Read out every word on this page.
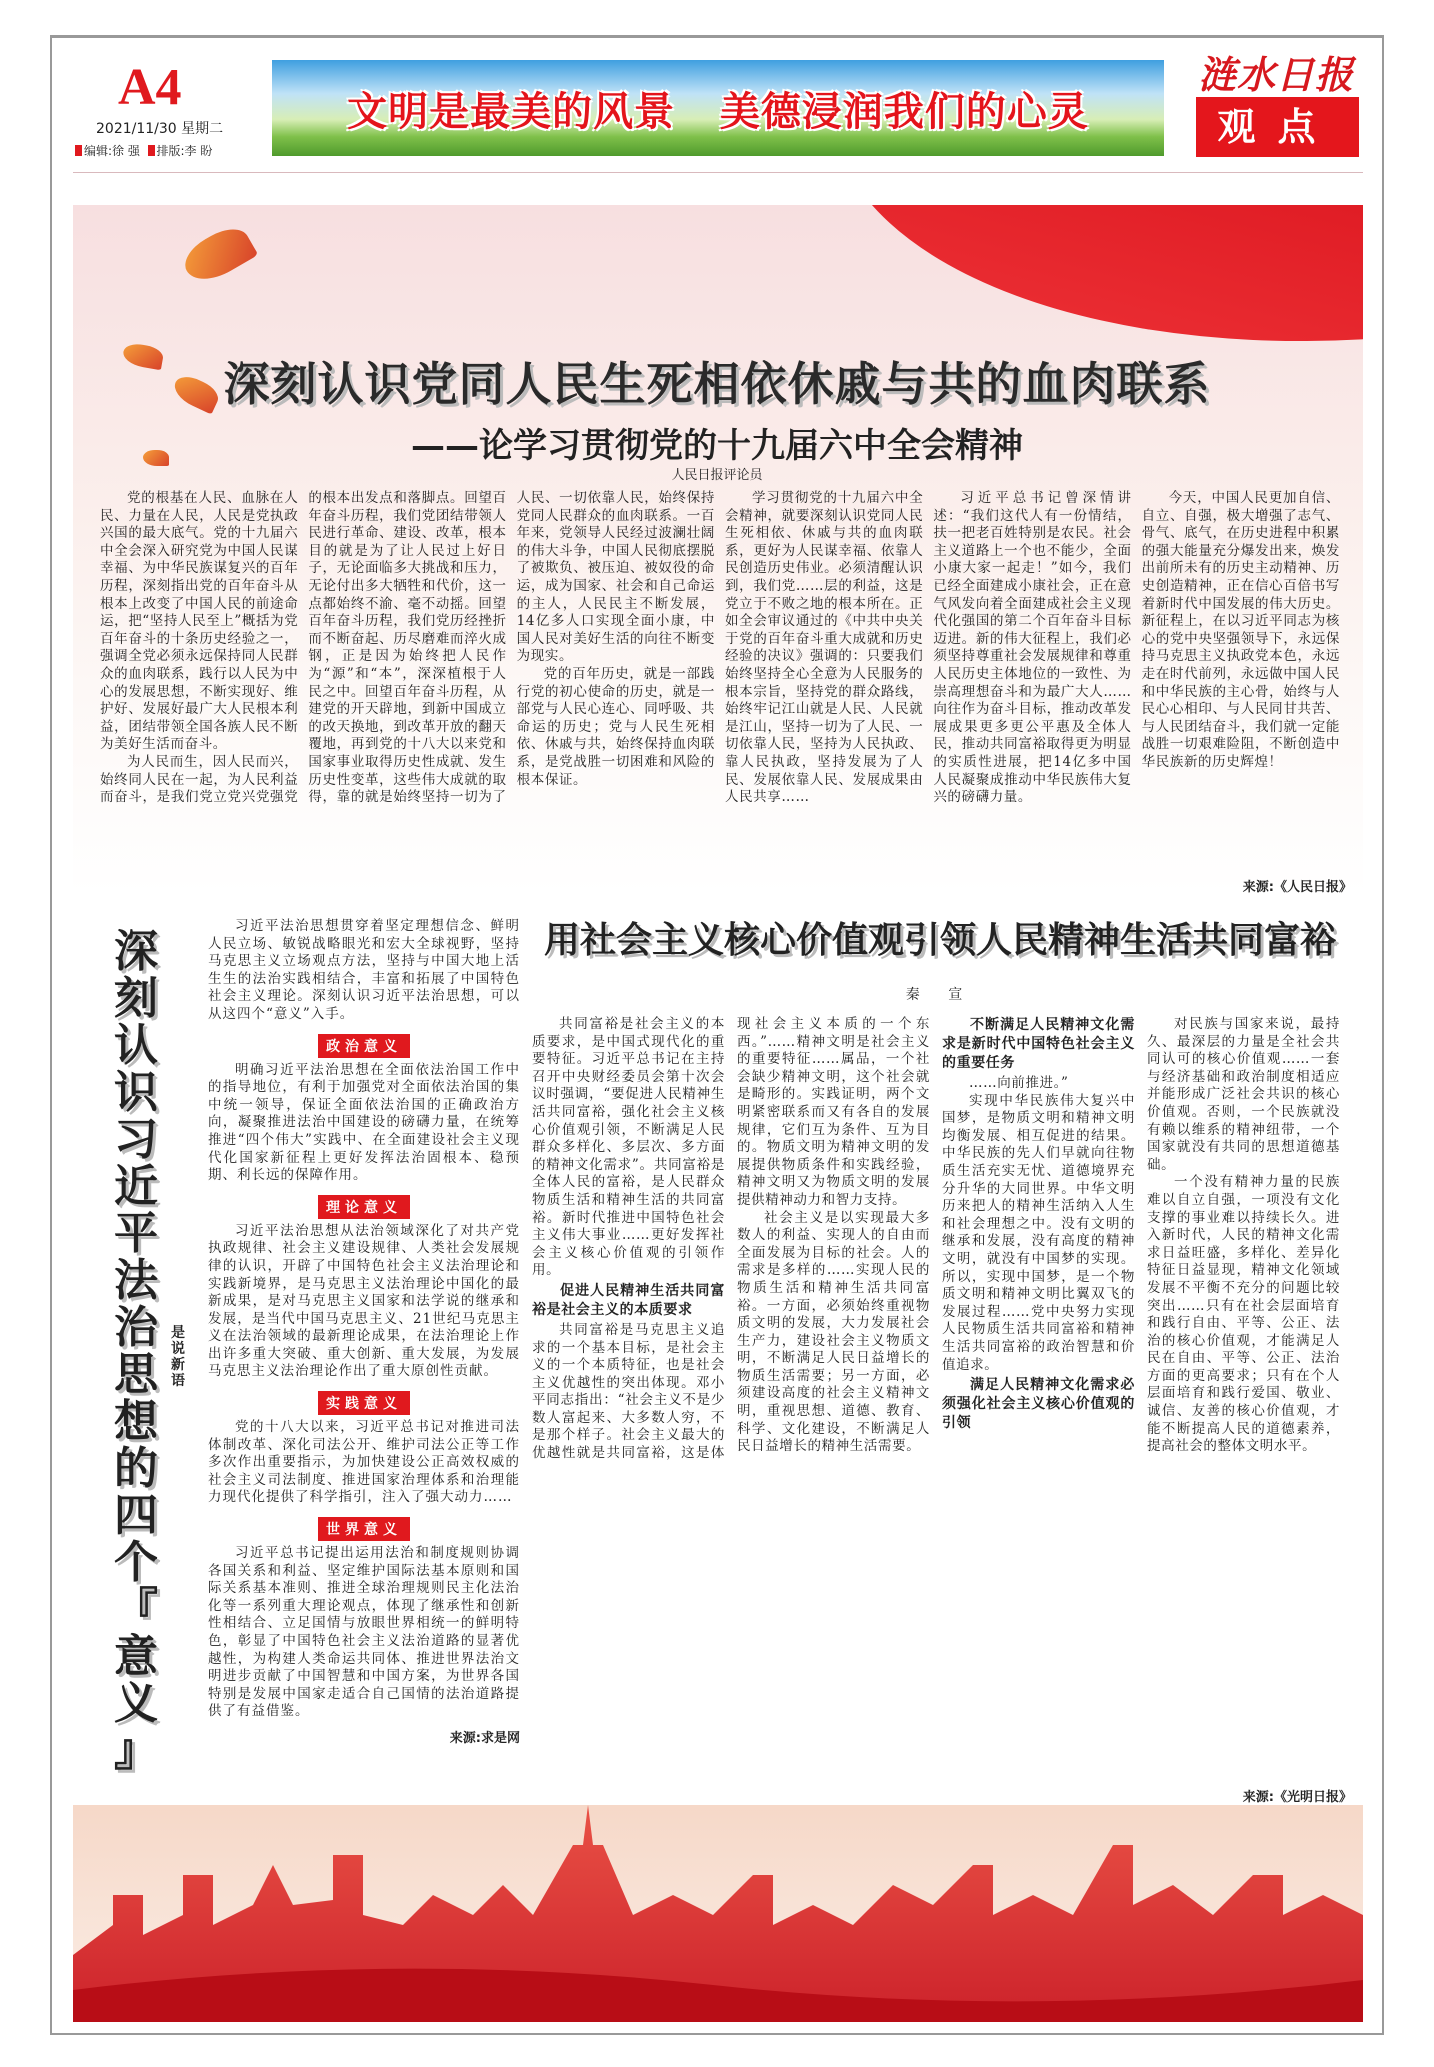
A4
2021/11/30 星期二
编辑:徐 强 排版:李 盼
文明是最美的风景   美德浸润我们的心灵
涟水日报
观点
深刻认识党同人民生死相依休戚与共的血肉联系
——论学习贯彻党的十九届六中全会精神
人民日报评论员

党的根基在人民、血脉在人民、力量在人民，人民是党执政兴国的最大底气。党的十九届六中全会深入研究党为中国人民谋幸福、为中华民族谋复兴的百年历程，深刻指出党的百年奋斗从根本上改变了中国人民的前途命运，把“坚持人民至上”概括为党百年奋斗的十条历史经验之一，强调全党必须永远保持同人民群众的血肉联系，践行以人民为中心的发展思想，不断实现好、维护好、发展好最广大人民根本利益，团结带领全国各族人民不断为美好生活而奋斗。

为人民而生，因人民而兴，始终同人民在一起，为人民利益而奋斗，是我们党立党兴党强党的根本出发点和落脚点。回望百年奋斗历程，我们党团结带领人民进行革命、建设、改革，根本目的就是为了让人民过上好日子，无论面临多大挑战和压力，无论付出多大牺牲和代价，这一点都始终不渝、毫不动摇。回望百年奋斗历程，我们党历经挫折而不断奋起、历尽磨难而淬火成钢，正是因为始终把人民作为“源”和“本”，深深植根于人民之中。回望百年奋斗历程，从建党的开天辟地，到新中国成立的改天换地，到改革开放的翻天覆地，再到党的十八大以来党和国家事业取得历史性成就、发生历史性变革，这些伟大成就的取得，靠的就是始终坚持一切为了人民、一切依靠人民，始终保持党同人民群众的血肉联系。一百年来，党领导人民经过波澜壮阔的伟大斗争，中国人民彻底摆脱了被欺负、被压迫、被奴役的命运，成为国家、社会和自己命运的主人，人民民主不断发展，14亿多人口实现全面小康，中国人民对美好生活的向往不断变为现实。

党的百年历史，就是一部践行党的初心使命的历史，就是一部党与人民心连心、同呼吸、共命运的历史；党与人民生死相依、休戚与共，始终保持血肉联系，是党战胜一切困难和风险的根本保证。

学习贯彻党的十九届六中全会精神，就要深刻认识党同人民生死相依、休戚与共的血肉联系，更好为人民谋幸福、依靠人民创造历史伟业。必须清醒认识到，我们党……层的利益，这是党立于不败之地的根本所在。正如全会审议通过的《中共中央关于党的百年奋斗重大成就和历史经验的决议》强调的：只要我们始终坚持全心全意为人民服务的根本宗旨，坚持党的群众路线，始终牢记江山就是人民、人民就是江山，坚持一切为了人民、一切依靠人民，坚持为人民执政、靠人民执政，坚持发展为了人民、发展依靠人民、发展成果由人民共享……

习近平总书记曾深情讲述：“我们这代人有一份情结，扶一把老百姓特别是农民。社会主义道路上一个也不能少，全面小康大家一起走！”如今，我们已经全面建成小康社会，正在意气风发向着全面建成社会主义现代化强国的第二个百年奋斗目标迈进。新的伟大征程上，我们必须坚持尊重社会发展规律和尊重人民历史主体地位的一致性、为崇高理想奋斗和为最广大人……向往作为奋斗目标，推动改革发展成果更多更公平惠及全体人民，推动共同富裕取得更为明显的实质性进展，把14亿多中国人民凝聚成推动中华民族伟大复兴的磅礴力量。

今天，中国人民更加自信、自立、自强，极大增强了志气、骨气、底气，在历史进程中积累的强大能量充分爆发出来，焕发出前所未有的历史主动精神、历史创造精神，正在信心百倍书写着新时代中国发展的伟大历史。新征程上，在以习近平同志为核心的党中央坚强领导下，永远保持马克思主义执政党本色，永远走在时代前列，永远做中国人民和中华民族的主心骨，始终与人民心心相印、与人民同甘共苦、与人民团结奋斗，我们就一定能战胜一切艰难险阻，不断创造中华民族新的历史辉煌！

来源:《人民日报》
深
刻
认
识
习
近
平
法
治
思
想
的
四
个
『
意
义
』
是说新语

习近平法治思想贯穿着坚定理想信念、鲜明人民立场、敏锐战略眼光和宏大全球视野，坚持马克思主义立场观点方法，坚持与中国大地上活生生的法治实践相结合，丰富和拓展了中国特色社会主义理论。深刻认识习近平法治思想，可以从这四个“意义”入手。

政治意义

明确习近平法治思想在全面依法治国工作中的指导地位，有利于加强党对全面依法治国的集中统一领导，保证全面依法治国的正确政治方向，凝聚推进法治中国建设的磅礴力量，在统筹推进“四个伟大”实践中、在全面建设社会主义现代化国家新征程上更好发挥法治固根本、稳预期、利长远的保障作用。

理论意义

习近平法治思想从法治领域深化了对共产党执政规律、社会主义建设规律、人类社会发展规律的认识，开辟了中国特色社会主义法治理论和实践新境界，是马克思主义法治理论中国化的最新成果，是对马克思主义国家和法学说的继承和发展，是当代中国马克思主义、21世纪马克思主义在法治领域的最新理论成果，在法治理论上作出许多重大突破、重大创新、重大发展，为发展马克思主义法治理论作出了重大原创性贡献。

实践意义

党的十八大以来，习近平总书记对推进司法体制改革、深化司法公开、维护司法公正等工作多次作出重要指示，为加快建设公正高效权威的社会主义司法制度、推进国家治理体系和治理能力现代化提供了科学指引，注入了强大动力……

世界意义

习近平总书记提出运用法治和制度规则协调各国关系和利益、坚定维护国际法基本原则和国际关系基本准则、推进全球治理规则民主化法治化等一系列重大理论观点，体现了继承性和创新性相结合、立足国情与放眼世界相统一的鲜明特色，彰显了中国特色社会主义法治道路的显著优越性，为构建人类命运共同体、推进世界法治文明进步贡献了中国智慧和中国方案，为世界各国特别是发展中国家走适合自己国情的法治道路提供了有益借鉴。

来源:求是网
用社会主义核心价值观引领人民精神生活共同富裕
秦 宣

共同富裕是社会主义的本质要求，是中国式现代化的重要特征。习近平总书记在主持召开中央财经委员会第十次会议时强调，“要促进人民精神生活共同富裕，强化社会主义核心价值观引领，不断满足人民群众多样化、多层次、多方面的精神文化需求”。共同富裕是全体人民的富裕，是人民群众物质生活和精神生活的共同富裕。新时代推进中国特色社会主义伟大事业……更好发挥社会主义核心价值观的引领作用。

促进人民精神生活共同富裕是社会主义的本质要求

共同富裕是马克思主义追求的一个基本目标，是社会主义的一个本质特征，也是社会主义优越性的突出体现。邓小平同志指出：“社会主义不是少数人富起来、大多数人穷，不是那个样子。社会主义最大的优越性就是共同富裕，这是体现社会主义本质的一个东西。”……精神文明是社会主义的重要特征……属品，一个社会缺少精神文明，这个社会就是畸形的。实践证明，两个文明紧密联系而又有各自的发展规律，它们互为条件、互为目的。物质文明为精神文明的发展提供物质条件和实践经验，精神文明又为物质文明的发展提供精神动力和智力支持。

社会主义是以实现最大多数人的利益、实现人的自由而全面发展为目标的社会。人的需求是多样的……实现人民的物质生活和精神生活共同富裕。一方面，必须始终重视物质文明的发展，大力发展社会生产力，建设社会主义物质文明，不断满足人民日益增长的物质生活需要；另一方面，必须建设高度的社会主义精神文明，重视思想、道德、教育、科学、文化建设，不断满足人民日益增长的精神生活需要。

不断满足人民精神文化需求是新时代中国特色社会主义的重要任务

……向前推进。”

实现中华民族伟大复兴中国梦，是物质文明和精神文明均衡发展、相互促进的结果。中华民族的先人们早就向往物质生活充实无忧、道德境界充分升华的大同世界。中华文明历来把人的精神生活纳入人生和社会理想之中。没有文明的继承和发展，没有高度的精神文明，就没有中国梦的实现。所以，实现中国梦，是一个物质文明和精神文明比翼双飞的发展过程……党中央努力实现人民物质生活共同富裕和精神生活共同富裕的政治智慧和价值追求。

满足人民精神文化需求必须强化社会主义核心价值观的引领

对民族与国家来说，最持久、最深层的力量是全社会共同认可的核心价值观……一套与经济基础和政治制度相适应并能形成广泛社会共识的核心价值观。否则，一个民族就没有赖以维系的精神纽带，一个国家就没有共同的思想道德基础。

一个没有精神力量的民族难以自立自强，一项没有文化支撑的事业难以持续长久。进入新时代，人民的精神文化需求日益旺盛，多样化、差异化特征日益显现，精神文化领域发展不平衡不充分的问题比较突出……只有在社会层面培育和践行自由、平等、公正、法治的核心价值观，才能满足人民在自由、平等、公正、法治方面的更高要求；只有在个人层面培育和践行爱国、敬业、诚信、友善的核心价值观，才能不断提高人民的道德素养，提高社会的整体文明水平。

来源:《光明日报》
